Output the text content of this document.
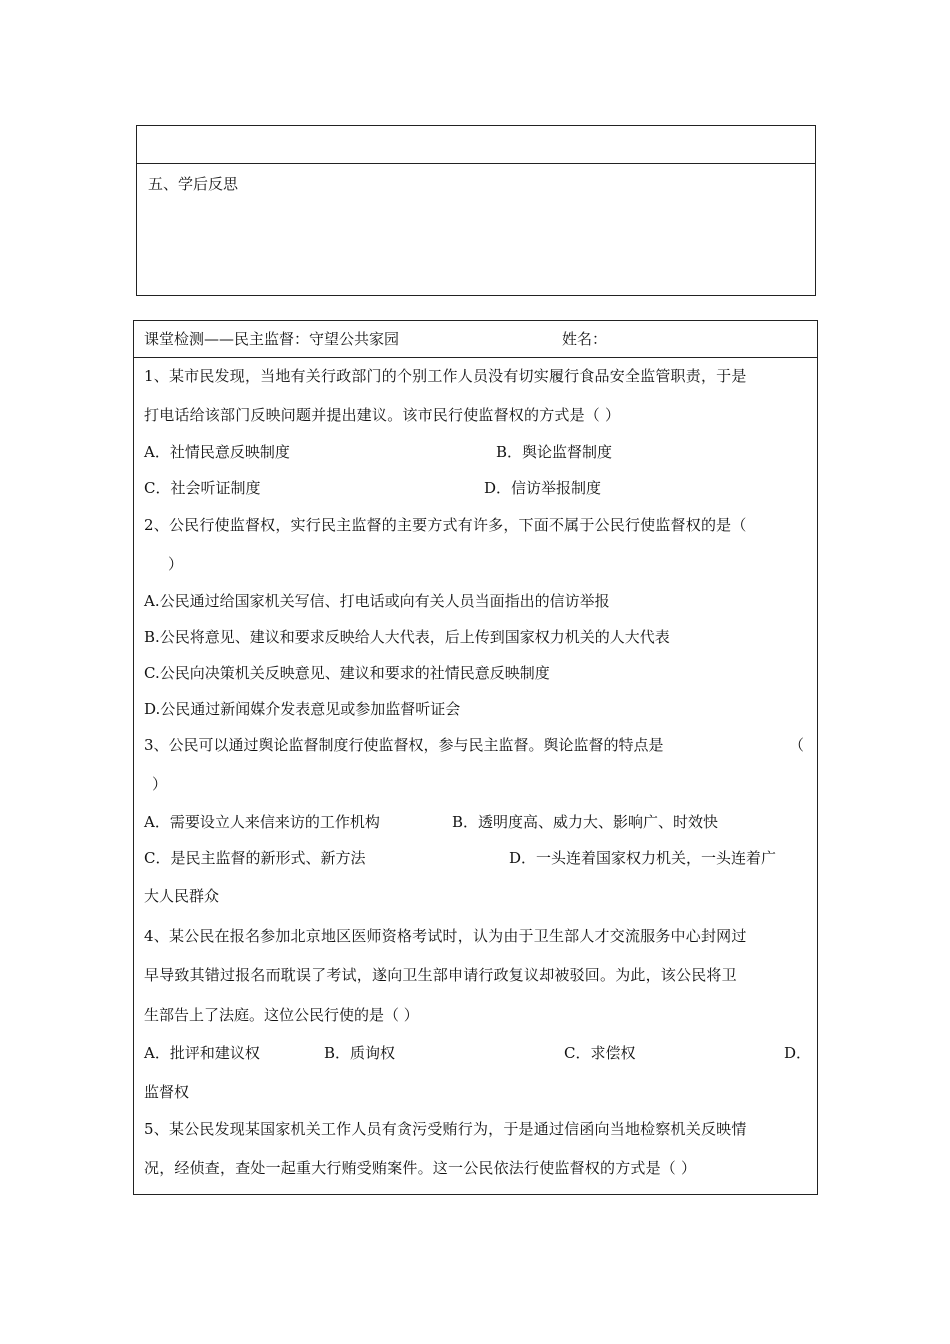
五、学后反思
课堂检测——民主监督：守望公共家园	姓名：
1、某市民发现，当地有关行政部门的个别工作人员没有切实履行食品安全监管职责，于是
打电话给该部门反映问题并提出建议。该市民行使监督权的方式是（ ）
A．社情民意反映制度	B．舆论监督制度
C．社会听证制度	D．信访举报制度
2、公民行使监督权，实行民主监督的主要方式有许多，下面不属于公民行使监督权的是（
）
A.公民通过给国家机关写信、打电话或向有关人员当面指出的信访举报
B.公民将意见、建议和要求反映给人大代表，后上传到国家权力机关的人大代表
C.公民向决策机关反映意见、建议和要求的社情民意反映制度
D.公民通过新闻媒介发表意见或参加监督听证会
3、公民可以通过舆论监督制度行使监督权，参与民主监督。舆论监督的特点是	（
）
A．需要设立人来信来访的工作机构	B．透明度高、威力大、影响广、时效快
C．是民主监督的新形式、新方法	D．一头连着国家权力机关，一头连着广
大人民群众
4、某公民在报名参加北京地区医师资格考试时，认为由于卫生部人才交流服务中心封网过
早导致其错过报名而耽误了考试，遂向卫生部申请行政复议却被驳回。为此，该公民将卫
生部告上了法庭。这位公民行使的是（ ）
A．批评和建议权	B．质询权	C．求偿权	D．
监督权
5、某公民发现某国家机关工作人员有贪污受贿行为，于是通过信函向当地检察机关反映情
况，经侦查，查处一起重大行贿受贿案件。这一公民依法行使监督权的方式是（ ）
